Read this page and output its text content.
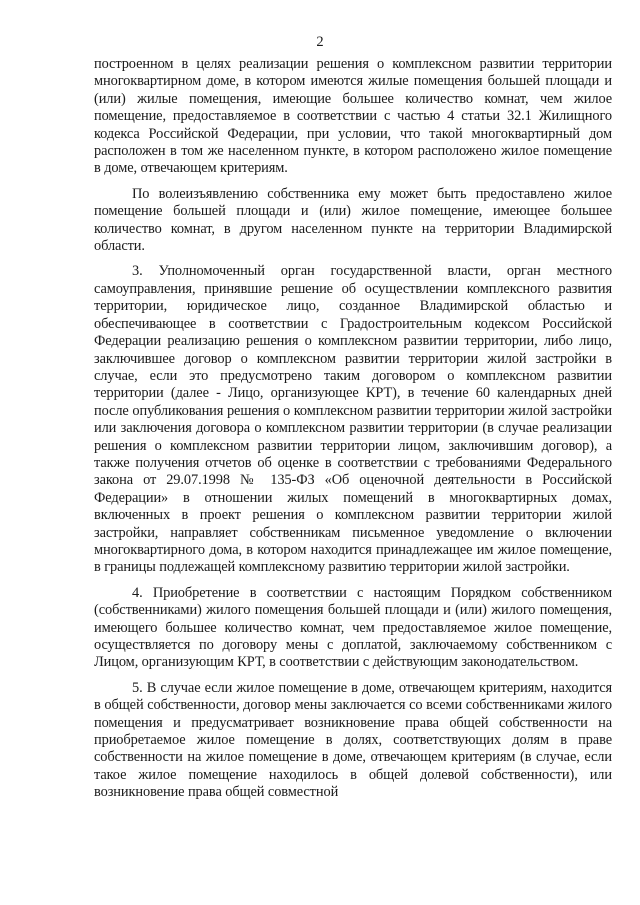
2

построенном в целях реализации решения о комплексном развитии территории многоквартирном доме, в котором имеются жилые помещения большей площади и (или) жилые помещения, имеющие большее количество комнат, чем жилое помещение, предоставляемое в соответствии с частью 4 статьи 32.1 Жилищного кодекса Российской Федерации, при условии, что такой многоквартирный дом расположен в том же населенном пункте, в котором расположено жилое помещение в доме, отвечающем критериям.

По волеизъявлению собственника ему может быть предоставлено жилое помещение большей площади и (или) жилое помещение, имеющее большее количество комнат, в другом населенном пункте на территории Владимирской области.

3. Уполномоченный орган государственной власти, орган местного самоуправления, принявшие решение об осуществлении комплексного развития территории, юридическое лицо, созданное Владимирской областью и обеспечивающее в соответствии с Градостроительным кодексом Российской Федерации реализацию решения о комплексном развитии территории, либо лицо, заключившее договор о комплексном развитии территории жилой застройки в случае, если это предусмотрено таким договором о комплексном развитии территории (далее - Лицо, организующее КРТ), в течение 60 календарных дней после опубликования решения о комплексном развитии территории жилой застройки или заключения договора о комплексном развитии территории (в случае реализации решения о комплексном развитии территории лицом, заключившим договор), а также получения отчетов об оценке в соответствии с требованиями Федерального закона от 29.07.1998 № 135-ФЗ «Об оценочной деятельности в Российской Федерации» в отношении жилых помещений в многоквартирных домах, включенных в проект решения о комплексном развитии территории жилой застройки, направляет собственникам письменное уведомление о включении многоквартирного дома, в котором находится принадлежащее им жилое помещение, в границы подлежащей комплексному развитию территории жилой застройки.

4. Приобретение в соответствии с настоящим Порядком собственником (собственниками) жилого помещения большей площади и (или) жилого помещения, имеющего большее количество комнат, чем предоставляемое жилое помещение, осуществляется по договору мены с доплатой, заключаемому собственником с Лицом, организующим КРТ, в соответствии с действующим законодательством.

5. В случае если жилое помещение в доме, отвечающем критериям, находится в общей собственности, договор мены заключается со всеми собственниками жилого помещения и предусматривает возникновение права общей собственности на приобретаемое жилое помещение в долях, соответствующих долям в праве собственности на жилое помещение в доме, отвечающем критериям (в случае, если такое жилое помещение находилось в общей долевой собственности), или возникновение права общей совместной
